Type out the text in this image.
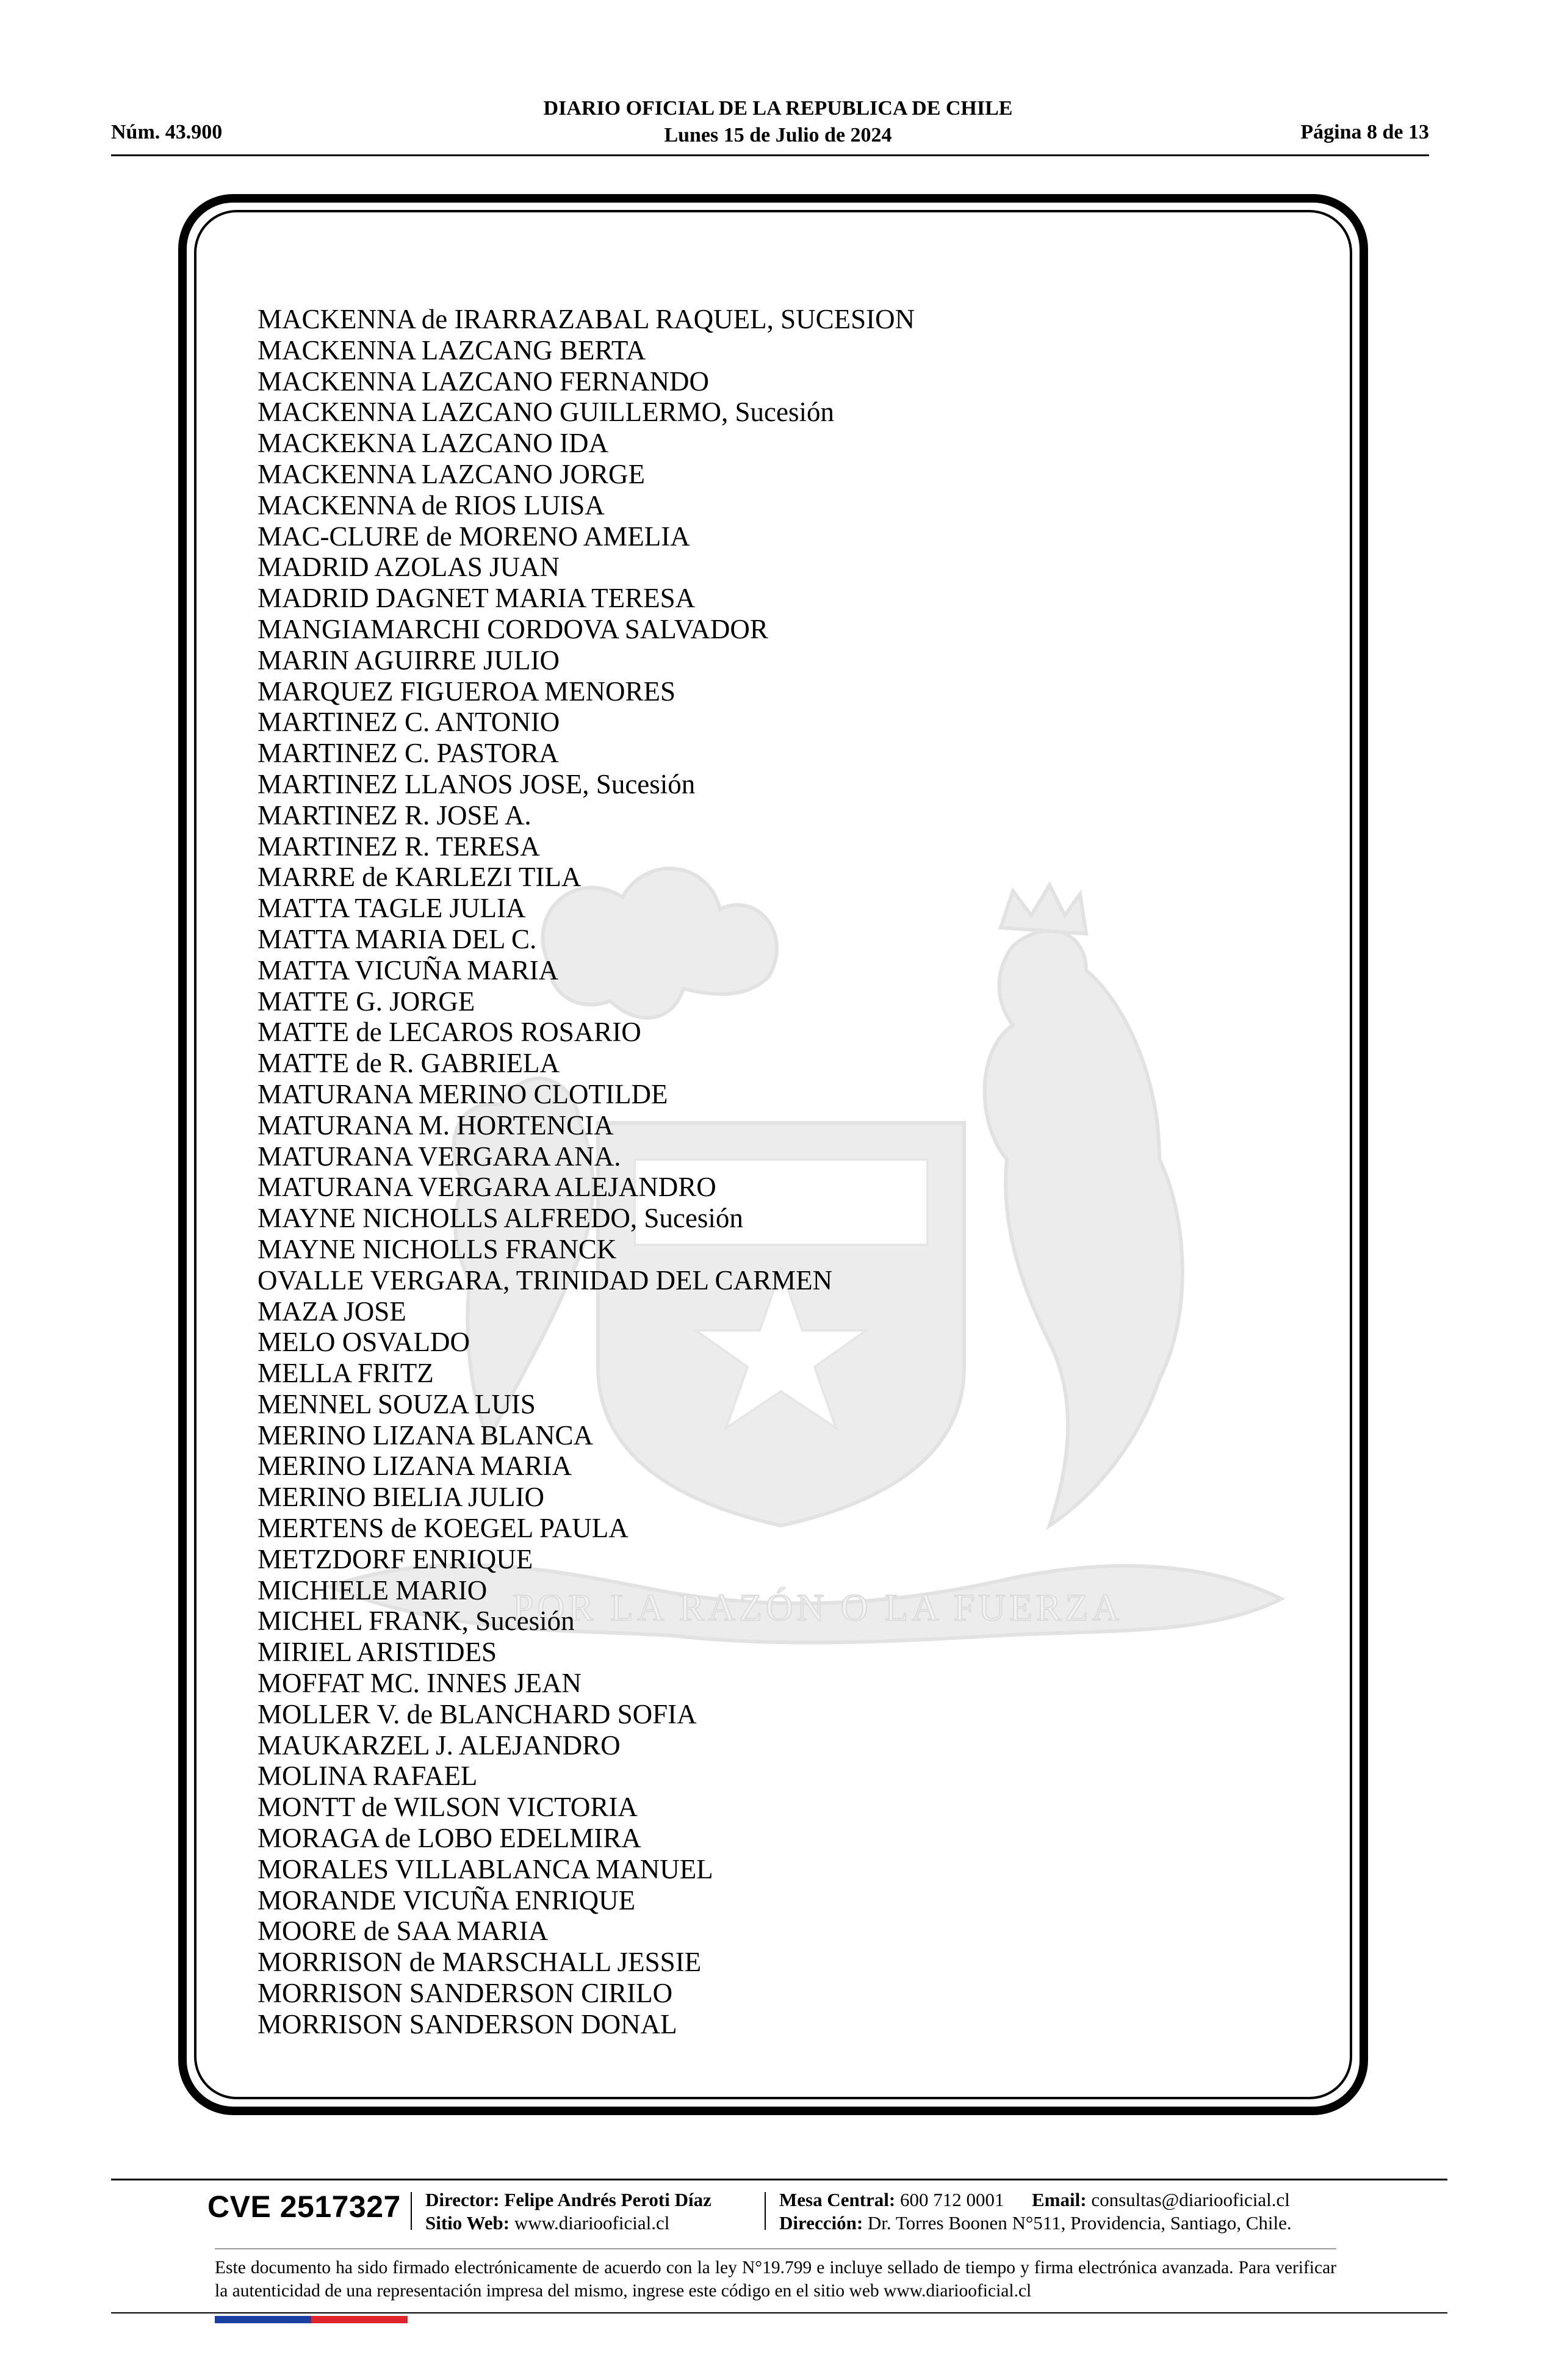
Núm. 43.900
DIARIO OFICIAL DE LA REPUBLICA DE CHILE
Lunes 15 de Julio de 2024	Página 8 de 13
POR LA RAZÓN O LA FUERZA
MACKENNA de IRARRAZABAL RAQUEL, SUCESION
MACKENNA LAZCANG BERTA
MACKENNA LAZCANO FERNANDO
MACKENNA LAZCANO GUILLERMO, Sucesión
MACKEKNA LAZCANO IDA
MACKENNA LAZCANO JORGE
MACKENNA de RIOS LUISA
MAC-CLURE de MORENO AMELIA
MADRID AZOLAS JUAN
MADRID DAGNET MARIA TERESA
MANGIAMARCHI CORDOVA SALVADOR
MARIN AGUIRRE JULIO
MARQUEZ FIGUEROA MENORES
MARTINEZ C. ANTONIO
MARTINEZ C. PASTORA
MARTINEZ LLANOS JOSE, Sucesión
MARTINEZ R. JOSE A.
MARTINEZ R. TERESA
MARRE de KARLEZI TILA
MATTA TAGLE JULIA
MATTA MARIA DEL C.
MATTA VICUÑA MARIA
MATTE G. JORGE
MATTE de LECAROS ROSARIO
MATTE de R. GABRIELA
MATURANA MERINO CLOTILDE
MATURANA M. HORTENCIA
MATURANA VERGARA ANA.
MATURANA VERGARA ALEJANDRO
MAYNE NICHOLLS ALFREDO, Sucesión
MAYNE NICHOLLS FRANCK
OVALLE VERGARA, TRINIDAD DEL CARMEN
MAZA JOSE
MELO OSVALDO
MELLA FRITZ
MENNEL SOUZA LUIS
MERINO LIZANA BLANCA
MERINO LIZANA MARIA
MERINO BIELIA JULIO
MERTENS de KOEGEL PAULA
METZDORF ENRIQUE
MICHIELE MARIO
MICHEL FRANK, Sucesión
MIRIEL ARISTIDES
MOFFAT MC. INNES JEAN
MOLLER V. de BLANCHARD SOFIA
MAUKARZEL J. ALEJANDRO
MOLINA RAFAEL
MONTT de WILSON VICTORIA
MORAGA de LOBO EDELMIRA
MORALES VILLABLANCA MANUEL
MORANDE VICUÑA ENRIQUE
MOORE de SAA MARIA
MORRISON de MARSCHALL JESSIE
MORRISON SANDERSON CIRILO
MORRISON SANDERSON DONAL
CVE 2517327 Director: Felipe Andrés Peroti Díaz
Sitio Web: www.diariooficial.cl
Mesa Central: 600 712 0001 Email: consultas@diariooficial.cl
Dirección: Dr. Torres Boonen N°511, Providencia, Santiago, Chile.
Este documento ha sido firmado electrónicamente de acuerdo con la ley N°19.799 e incluye sellado de tiempo y firma electrónica avanzada. Para verificar la autenticidad de una representación impresa del mismo, ingrese este código en el sitio web www.diariooficial.cl
